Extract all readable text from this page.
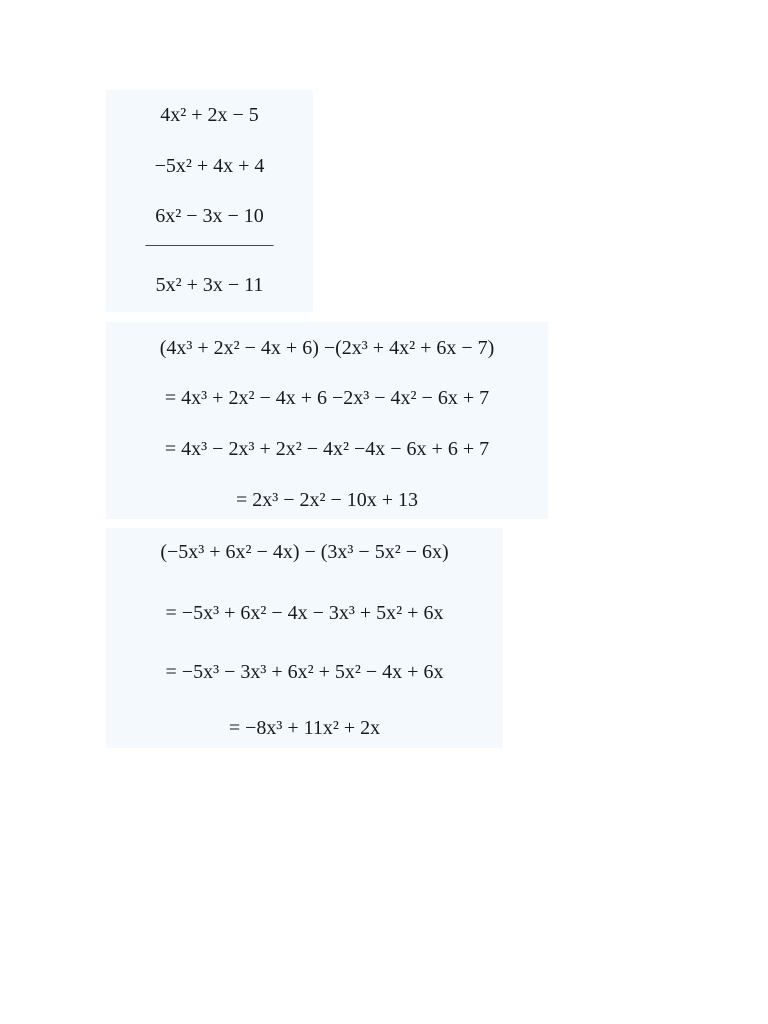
4x² + 2x − 5
−5x² + 4x + 4
6x² − 3x − 10
________________
5x² + 3x − 11
(4x³ + 2x² − 4x + 6) −(2x³ + 4x² + 6x − 7)
= 4x³ + 2x² − 4x + 6 −2x³ − 4x² − 6x + 7
= 4x³ − 2x³ + 2x² − 4x² −4x − 6x + 6 + 7
= 2x³ − 2x² − 10x + 13
(−5x³ + 6x² − 4x) − (3x³ − 5x² − 6x)
= −5x³ + 6x² − 4x − 3x³ + 5x² + 6x
= −5x³ − 3x³ + 6x² + 5x² − 4x + 6x
= −8x³ + 11x² + 2x
